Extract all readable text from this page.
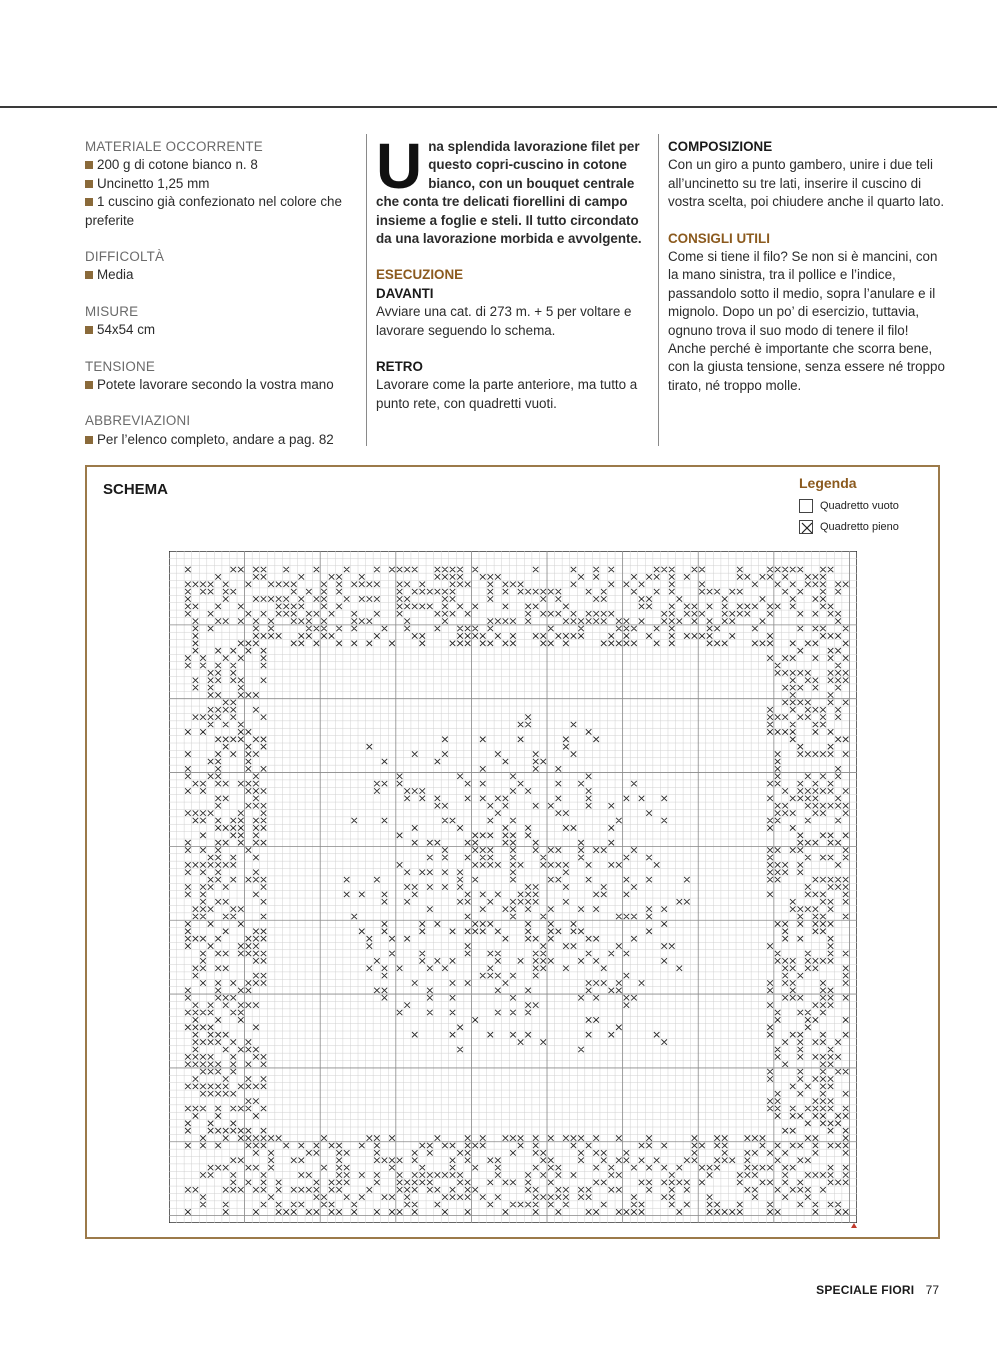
MATERIALE OCCORRENTE
200 g di cotone bianco n. 8
Uncinetto 1,25 mm
1 cuscino già confezionato nel colore che preferite
DIFFICOLTÀ
Media
MISURE
54x54 cm
TENSIONE
Potete lavorare secondo la vostra mano
ABBREVIAZIONI
Per l’elenco completo, andare a pag. 82
Una splendida lavorazione filet per questo copri-cuscino in cotone bianco, con un bouquet centrale che conta tre delicati fiorellini di campo insieme a foglie e steli. Il tutto circondato da una lavorazione morbida e avvolgente.
ESECUZIONE
DAVANTI
Avviare una cat. di 273 m. + 5 per voltare e lavorare seguendo lo schema.
RETRO
Lavorare come la parte anteriore, ma tutto a punto rete, con quadretti vuoti.
COMPOSIZIONE
Con un giro a punto gambero, unire i due teli all’uncinetto su tre lati, inserire il cuscino di vostra scelta, poi chiudere anche il quarto lato.
CONSIGLI UTILI
Come si tiene il filo? Se non si è mancini, con la mano sinistra, tra il pollice e l’indice, passandolo sotto il medio, sopra l’anulare e il mignolo. Dopo un po’ di esercizio, tuttavia, ognuno trova il suo modo di tenere il filo! Anche perché è importante che scorra bene, con la giusta tensione, senza essere né troppo tirato, né troppo molle.
SCHEMA	Legenda
Quadretto vuoto
Quadretto pieno
SPECIALE FIORI 77
